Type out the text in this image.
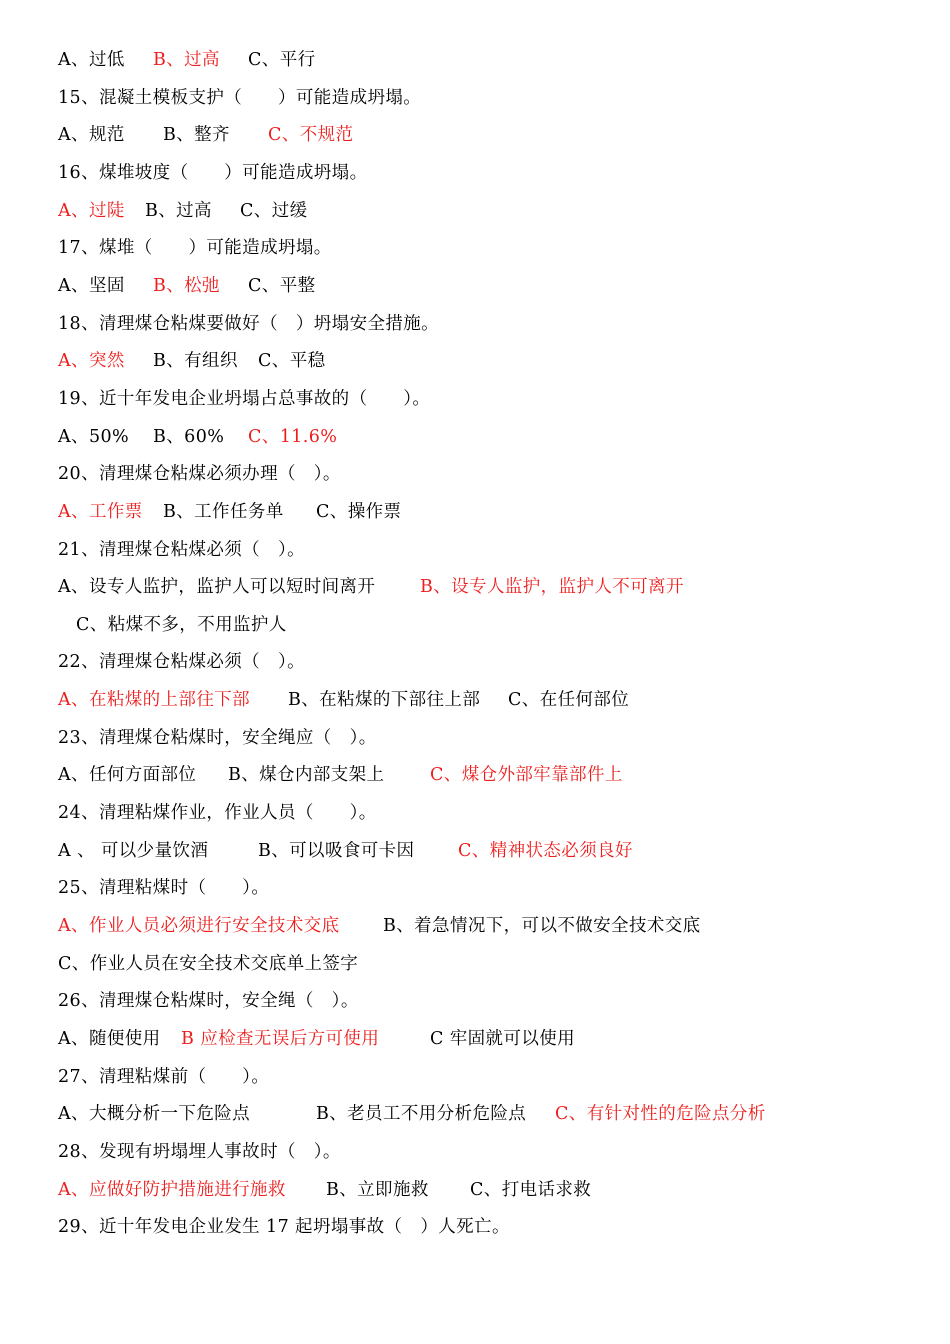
A、过低 B、过高 C、平行
15、混凝土模板支护（　　）可能造成坍塌。
A、规范 B、整齐 C、不规范
16、煤堆坡度（　　）可能造成坍塌。
A、过陡 B、过高 C、过缓
17、煤堆（　　）可能造成坍塌。
A、坚固 B、松弛 C、平整
18、清理煤仓粘煤要做好（　）坍塌安全措施。
A、突然 B、有组织 C、平稳
19、近十年发电企业坍塌占总事故的（　　）。
A、50% B、60% C、11.6%
20、清理煤仓粘煤必须办理（　）。
A、工作票 B、工作任务单 C、操作票
21、清理煤仓粘煤必须（　）。
A、设专人监护，监护人可以短时间离开	B、设专人监护，监护人不可离开
C、粘煤不多，不用监护人
22、清理煤仓粘煤必须（　）。
A、在粘煤的上部往下部 B、在粘煤的下部往上部 C、在任何部位
23、清理煤仓粘煤时，安全绳应（　）。
A、任何方面部位 B、煤仓内部支架上	C、煤仓外部牢靠部件上
24、清理粘煤作业，作业人员（　　）。
A 、 可以少量饮酒	B、可以吸食可卡因 C、精神状态必须良好
25、清理粘煤时（　　）。
A、作业人员必须进行安全技术交底 B、着急情况下，可以不做安全技术交底
C、作业人员在安全技术交底单上签字
26、清理煤仓粘煤时，安全绳（　）。
A、随便使用 B 应检查无误后方可使用	C 牢固就可以使用
27、清理粘煤前（　　）。
A、大概分析一下危险点	B、老员工不用分析危险点 C、有针对性的危险点分析
28、发现有坍塌埋人事故时（　）。
A、应做好防护措施进行施救 B、立即施救 C、打电话求救
29、近十年发电企业发生 17 起坍塌事故（　）人死亡。
